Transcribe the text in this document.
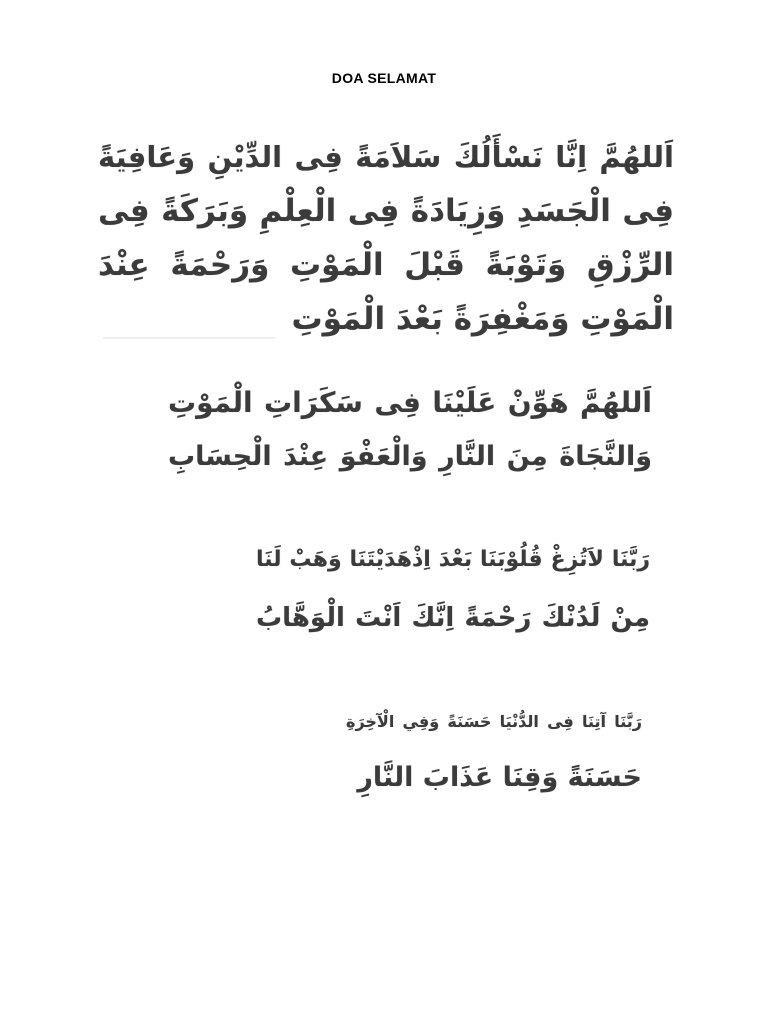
DOA SELAMAT
اَللهُمَّ اِنَّا نَسْأَلُكَ سَلاَمَةً فِى الدِّيْنِ وَعَافِيَةً
فِى الْجَسَدِ وَزِيَادَةً فِى الْعِلْمِ وَبَرَكَةً فِى
الرِّزْقِ وَتَوْبَةً قَبْلَ الْمَوْتِ وَرَحْمَةً عِنْدَ
الْمَوْتِ وَمَغْفِرَةً بَعْدَ الْمَوْتِ
اَللهُمَّ هَوِّنْ عَلَيْنَا فِى سَكَرَاتِ الْمَوْتِ
وَالنَّجَاةَ مِنَ النَّارِ وَالْعَفْوَ عِنْدَ الْحِسَابِ
رَبَّنَا لاَتُزِغْ قُلُوْبَنَا بَعْدَ اِذْهَدَيْتَنَا وَهَبْ لَنَا
مِنْ لَدُنْكَ رَحْمَةً اِنَّكَ اَنْتَ الْوَهَّابُ
رَبَّنَا آتِنَا فِى الدُّنْيَا حَسَنَةً وَفِي الْآخِرَةِ
حَسَنَةً وَقِنَا عَذَابَ النَّارِ
